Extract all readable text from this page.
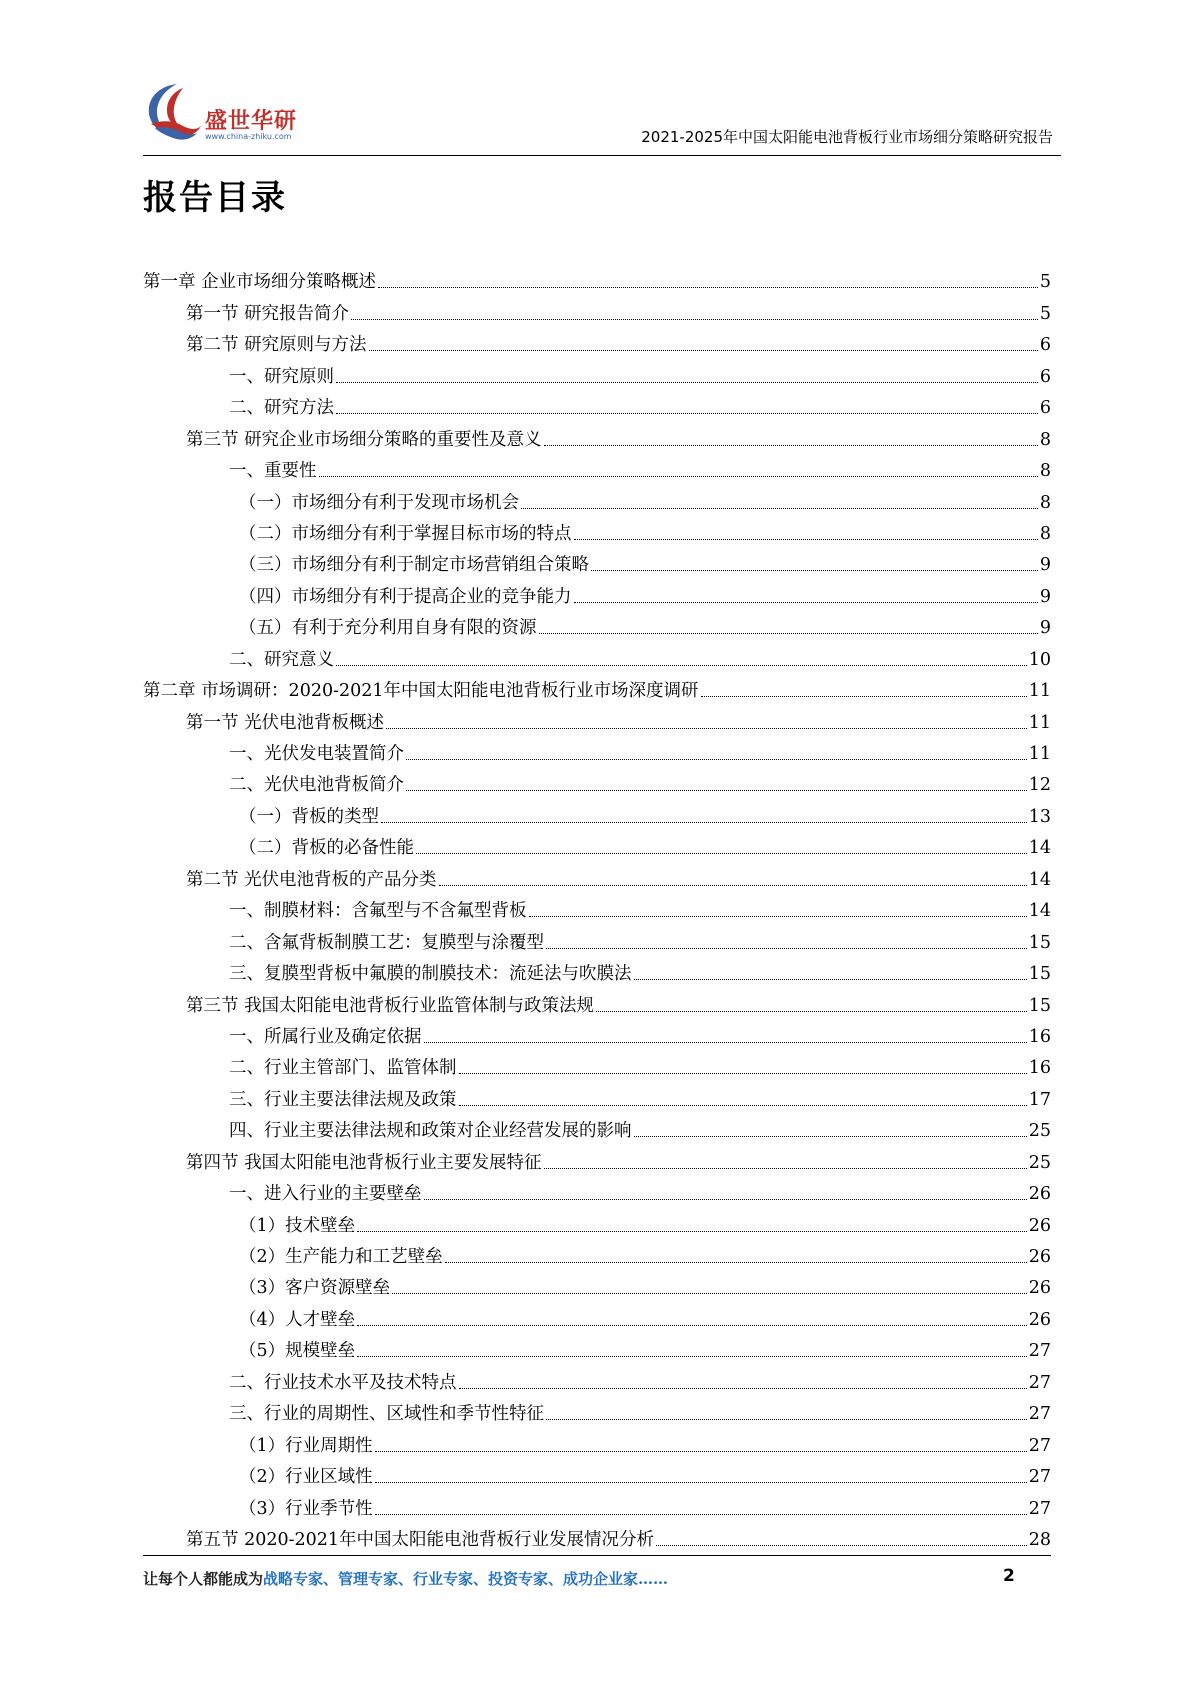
盛世华研
www.china-zhiku.com	2021-2025年中国太阳能电池背板行业市场细分策略研究报告
报告目录
第一章 企业市场细分策略概述	5
第一节 研究报告简介	5
第二节 研究原则与方法	6
一、研究原则	6
二、研究方法	6
第三节 研究企业市场细分策略的重要性及意义	8
一、重要性	8
（一）市场细分有利于发现市场机会	8
（二）市场细分有利于掌握目标市场的特点	8
（三）市场细分有利于制定市场营销组合策略	9
（四）市场细分有利于提高企业的竞争能力	9
（五）有利于充分利用自身有限的资源	9
二、研究意义	10
第二章 市场调研：2020-2021年中国太阳能电池背板行业市场深度调研	11
第一节 光伏电池背板概述	11
一、光伏发电装置简介	11
二、光伏电池背板简介	12
（一）背板的类型	13
（二）背板的必备性能	14
第二节 光伏电池背板的产品分类	14
一、制膜材料：含氟型与不含氟型背板	14
二、含氟背板制膜工艺：复膜型与涂覆型	15
三、复膜型背板中氟膜的制膜技术：流延法与吹膜法	15
第三节 我国太阳能电池背板行业监管体制与政策法规	15
一、所属行业及确定依据	16
二、行业主管部门、监管体制	16
三、行业主要法律法规及政策	17
四、行业主要法律法规和政策对企业经营发展的影响	25
第四节 我国太阳能电池背板行业主要发展特征	25
一、进入行业的主要壁垒	26
（1）技术壁垒	26
（2）生产能力和工艺壁垒	26
（3）客户资源壁垒	26
（4）人才壁垒	26
（5）规模壁垒	27
二、行业技术水平及技术特点	27
三、行业的周期性、区域性和季节性特征	27
（1）行业周期性	27
（2）行业区域性	27
（3）行业季节性	27
第五节 2020-2021年中国太阳能电池背板行业发展情况分析	28
让每个人都能成为战略专家、管理专家、行业专家、投资专家、成功企业家……	2
